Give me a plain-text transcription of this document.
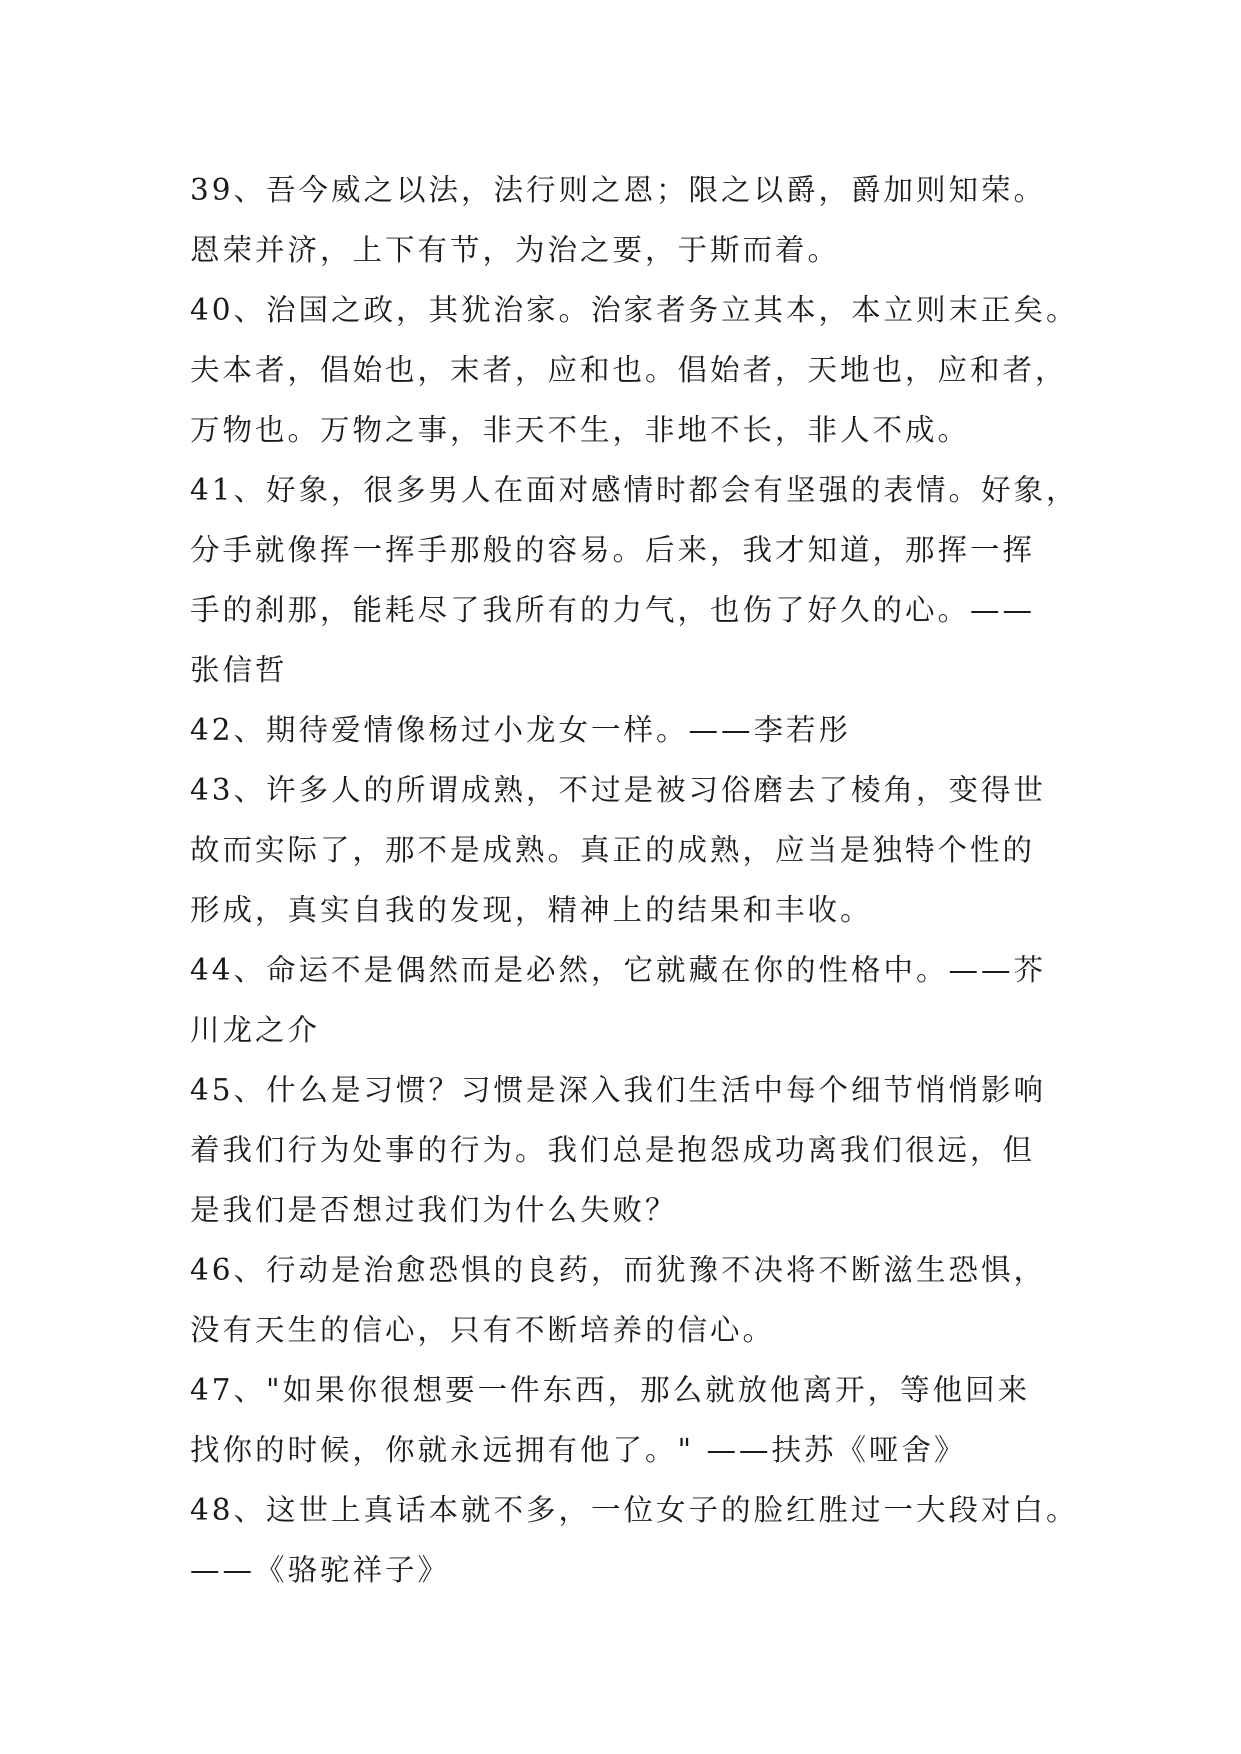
39、吾今威之以法，法行则之恩；限之以爵，爵加则知荣。
恩荣并济，上下有节，为治之要，于斯而着。
40、治国之政，其犹治家。治家者务立其本，本立则末正矣。
夫本者，倡始也，末者，应和也。倡始者，天地也，应和者，
万物也。万物之事，非天不生，非地不长，非人不成。
41、好象，很多男人在面对感情时都会有坚强的表情。好象，
分手就像挥一挥手那般的容易。后来，我才知道，那挥一挥
手的刹那，能耗尽了我所有的力气，也伤了好久的心。——
张信哲
42、期待爱情像杨过小龙女一样。——李若彤
43、许多人的所谓成熟，不过是被习俗磨去了棱角，变得世
故而实际了，那不是成熟。真正的成熟，应当是独特个性的
形成，真实自我的发现，精神上的结果和丰收。
44、命运不是偶然而是必然，它就藏在你的性格中。——芥
川龙之介
45、什么是习惯？习惯是深入我们生活中每个细节悄悄影响
着我们行为处事的行为。我们总是抱怨成功离我们很远，但
是我们是否想过我们为什么失败？
46、行动是治愈恐惧的良药，而犹豫不决将不断滋生恐惧，
没有天生的信心，只有不断培养的信心。
47、"如果你很想要一件东西，那么就放他离开，等他回来
找你的时候，你就永远拥有他了。" ——扶苏《哑舍》
48、这世上真话本就不多，一位女子的脸红胜过一大段对白。
——《骆驼祥子》
